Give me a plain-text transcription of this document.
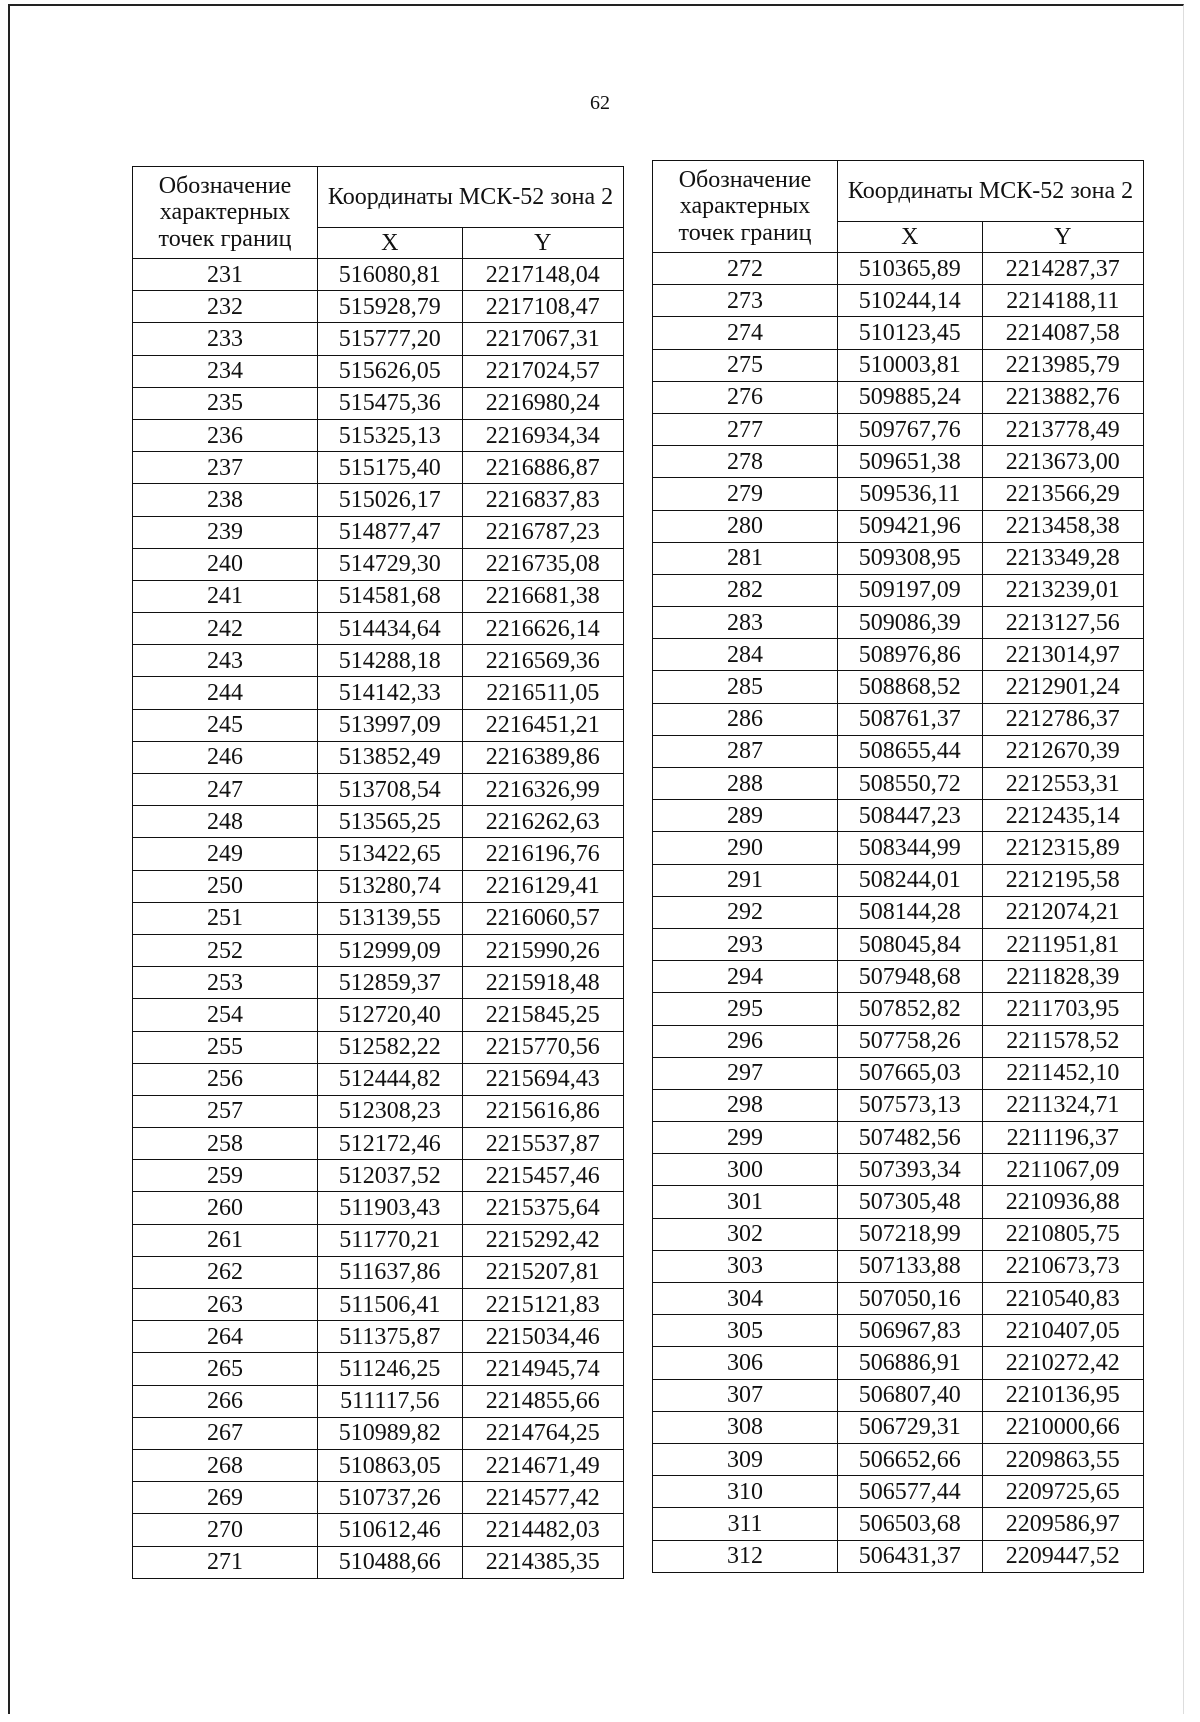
62
Обозначение характерных точек границ	Координаты МСК-52 зона 2	
	X	Y
231	516080,81	2217148,04
232	515928,79	2217108,47
233	515777,20	2217067,31
234	515626,05	2217024,57
235	515475,36	2216980,24
236	515325,13	2216934,34
237	515175,40	2216886,87
238	515026,17	2216837,83
239	514877,47	2216787,23
240	514729,30	2216735,08
241	514581,68	2216681,38
242	514434,64	2216626,14
243	514288,18	2216569,36
244	514142,33	2216511,05
245	513997,09	2216451,21
246	513852,49	2216389,86
247	513708,54	2216326,99
248	513565,25	2216262,63
249	513422,65	2216196,76
250	513280,74	2216129,41
251	513139,55	2216060,57
252	512999,09	2215990,26
253	512859,37	2215918,48
254	512720,40	2215845,25
255	512582,22	2215770,56
256	512444,82	2215694,43
257	512308,23	2215616,86
258	512172,46	2215537,87
259	512037,52	2215457,46
260	511903,43	2215375,64
261	511770,21	2215292,42
262	511637,86	2215207,81
263	511506,41	2215121,83
264	511375,87	2215034,46
265	511246,25	2214945,74
266	511117,56	2214855,66
267	510989,82	2214764,25
268	510863,05	2214671,49
269	510737,26	2214577,42
270	510612,46	2214482,03
271	510488,66	2214385,35
Обозначение характерных точек границ	Координаты МСК-52 зона 2	
	X	Y
272	510365,89	2214287,37
273	510244,14	2214188,11
274	510123,45	2214087,58
275	510003,81	2213985,79
276	509885,24	2213882,76
277	509767,76	2213778,49
278	509651,38	2213673,00
279	509536,11	2213566,29
280	509421,96	2213458,38
281	509308,95	2213349,28
282	509197,09	2213239,01
283	509086,39	2213127,56
284	508976,86	2213014,97
285	508868,52	2212901,24
286	508761,37	2212786,37
287	508655,44	2212670,39
288	508550,72	2212553,31
289	508447,23	2212435,14
290	508344,99	2212315,89
291	508244,01	2212195,58
292	508144,28	2212074,21
293	508045,84	2211951,81
294	507948,68	2211828,39
295	507852,82	2211703,95
296	507758,26	2211578,52
297	507665,03	2211452,10
298	507573,13	2211324,71
299	507482,56	2211196,37
300	507393,34	2211067,09
301	507305,48	2210936,88
302	507218,99	2210805,75
303	507133,88	2210673,73
304	507050,16	2210540,83
305	506967,83	2210407,05
306	506886,91	2210272,42
307	506807,40	2210136,95
308	506729,31	2210000,66
309	506652,66	2209863,55
310	506577,44	2209725,65
311	506503,68	2209586,97
312	506431,37	2209447,52
